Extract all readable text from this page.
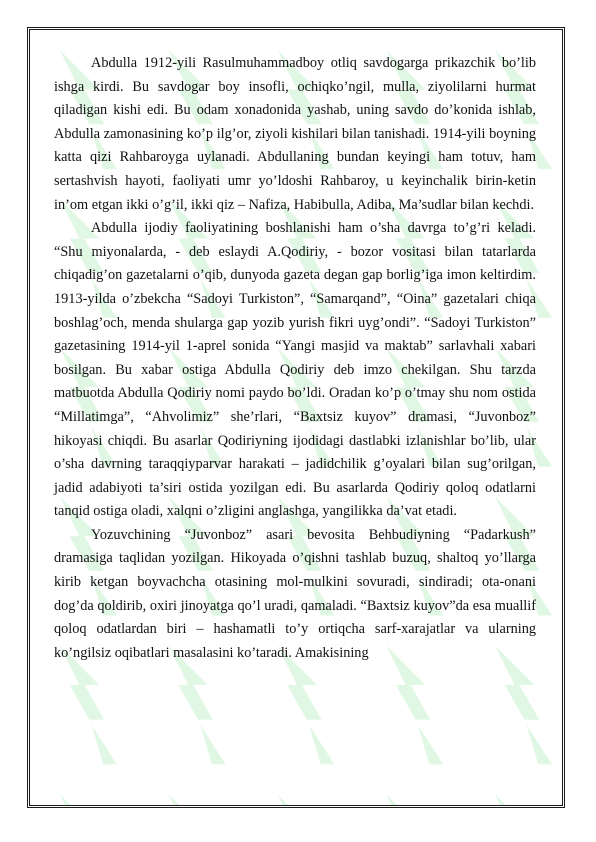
Abdulla 1912-yili Rasulmuhammadboy otliq savdogarga prikazchik bo’lib ishga kirdi. Bu savdogar boy insofli, ochiqko’ngil, mulla, ziyolilarni hurmat qiladigan kishi edi. Bu odam xonadonida yashab, uning savdo do’konida ishlab, Abdulla zamonasining ko’p ilg’or, ziyoli kishilari bilan tanishadi. 1914-yili boyning katta qizi Rahbaroyga uylanadi. Abdullaning bundan keyingi ham totuv, ham sertashvish hayoti, faoliyati umr yo’ldoshi Rahbaroy, u keyinchalik birin-ketin in’om etgan ikki o’g’il, ikki qiz – Nafiza, Habibulla, Adiba, Ma’sudlar bilan kechdi.

Abdulla ijodiy faoliyatining boshlanishi ham o’sha davrga to’g’ri keladi. “Shu miyonalarda, - deb eslaydi A.Qodiriy, - bozor vositasi bilan tatarlarda chiqadig’on gazetalarni o’qib, dunyoda gazeta degan gap borlig’iga imon keltirdim. 1913-yilda o’zbekcha “Sadoyi Turkiston”, “Samarqand”, “Oina” gazetalari chiqa boshlag’och, menda shularga gap yozib yurish fikri uyg’ondi”. “Sadoyi Turkiston” gazetasining 1914-yil 1-aprel sonida “Yangi masjid va maktab” sarlavhali xabari bosilgan. Bu xabar ostiga Abdulla Qodiriy deb imzo chekilgan. Shu tarzda matbuotda Abdulla Qodiriy nomi paydo bo’ldi. Oradan ko’p o’tmay shu nom ostida “Millatimga”, “Ahvolimiz” she’rlari, “Baxtsiz kuyov” dramasi, “Juvonboz” hikoyasi chiqdi. Bu asarlar Qodiriyning ijodidagi dastlabki izlanishlar bo’lib, ular o’sha davrning taraqqiyparvar harakati – jadidchilik g’oyalari bilan sug’orilgan, jadid adabiyoti ta’siri ostida yozilgan edi. Bu asarlarda Qodiriy qoloq odatlarni tanqid ostiga oladi, xalqni o’zligini anglashga, yangilikka da’vat etadi.

Yozuvchining “Juvonboz” asari bevosita Behbudiyning “Padarkush” dramasiga taqlidan yozilgan. Hikoyada o’qishni tashlab buzuq, shaltoq yo’llarga kirib ketgan boyvachcha otasining mol-mulkini sovuradi, sindiradi; ota-onani dog’da qoldirib, oxiri jinoyatga qo’l uradi, qamaladi. “Baxtsiz kuyov”da esa muallif qoloq odatlardan biri – hashamatli to’y ortiqcha sarf-xarajatlar va ularning ko’ngilsiz oqibatlari masalasini ko’taradi. Amakisining
